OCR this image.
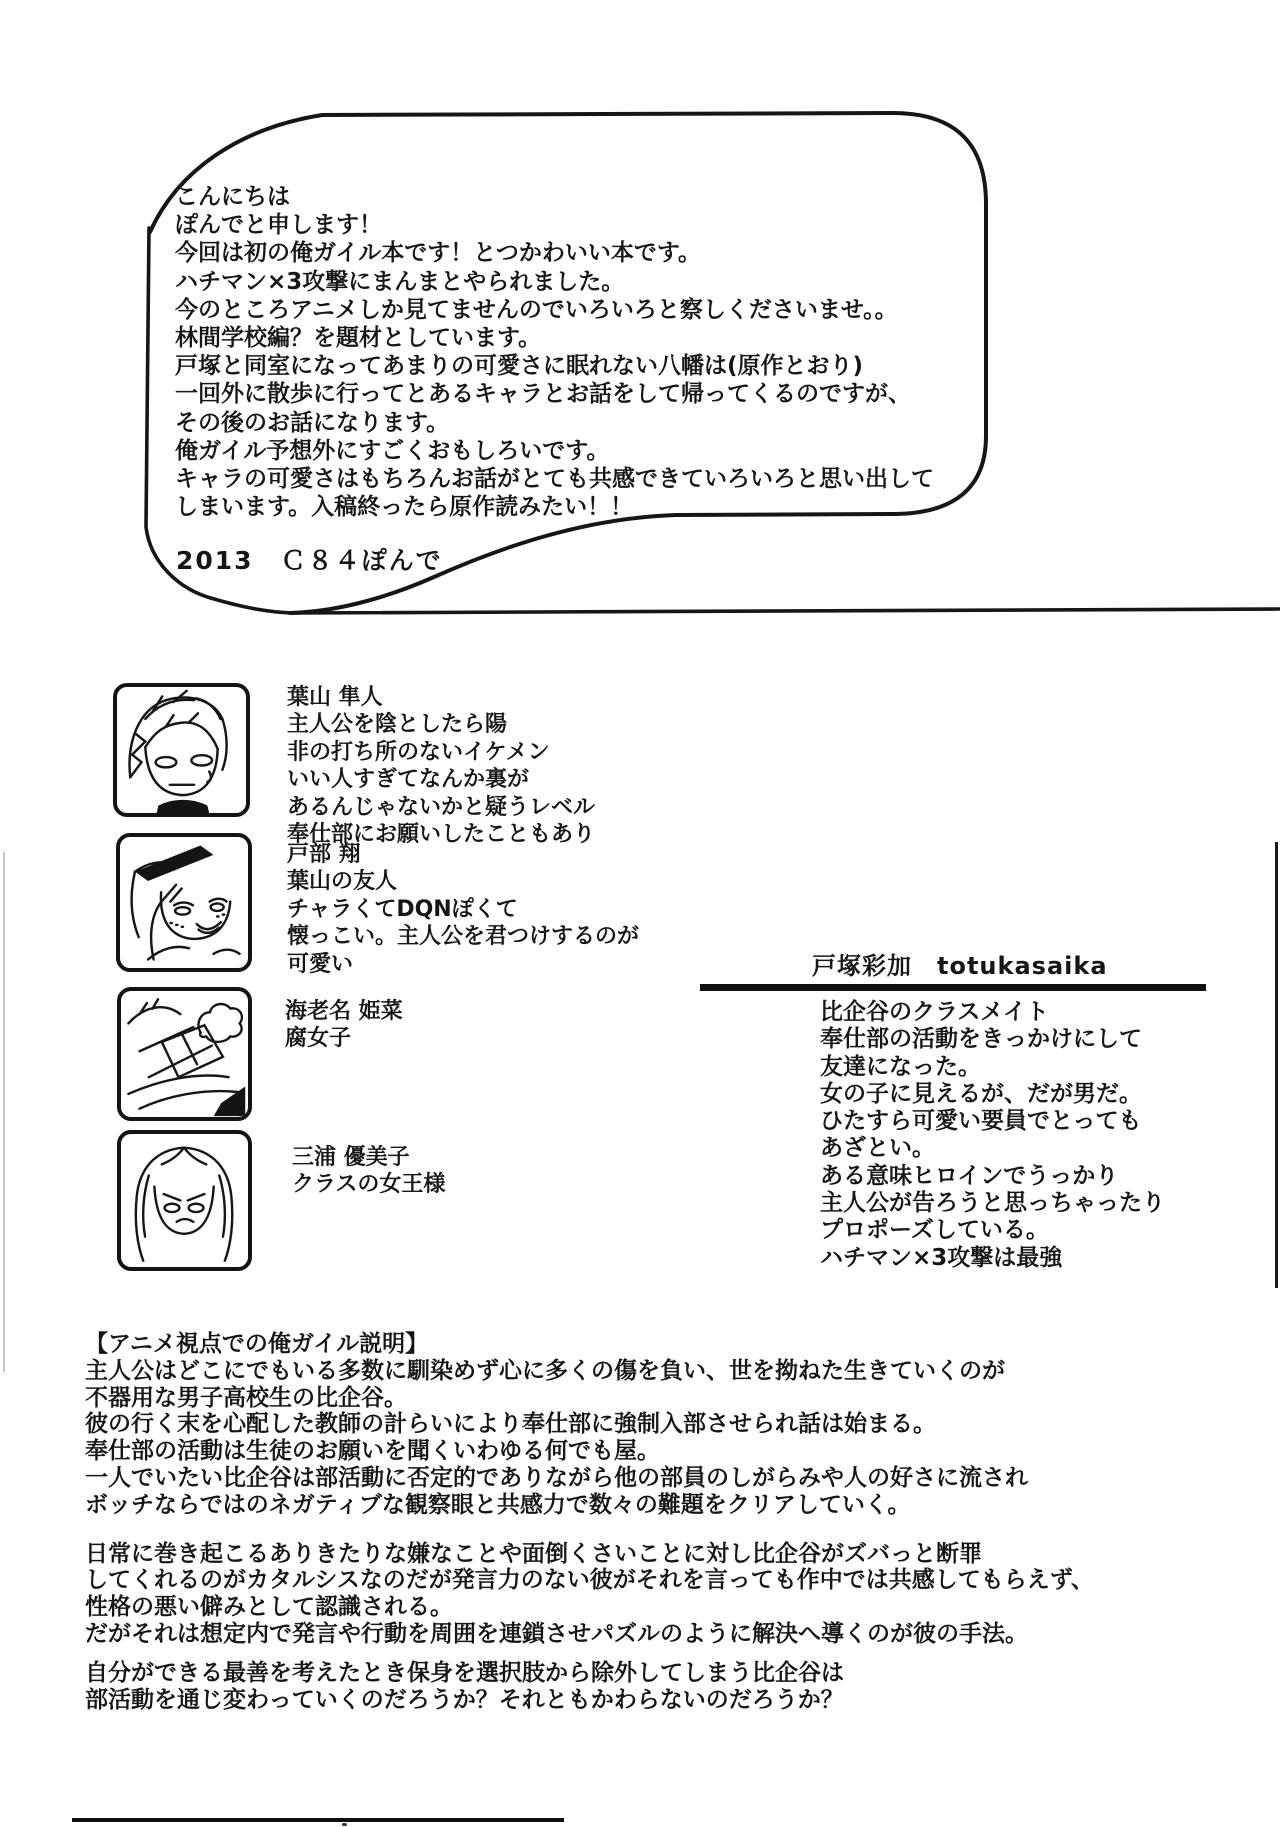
こんにちは
ぽんでと申します！
今回は初の俺ガイル本です！とつかわいい本です。
ハチマン×3攻撃にまんまとやられました。
今のところアニメしか見てませんのでいろいろと察しくださいませ。。
林間学校編？を題材としています。
戸塚と同室になってあまりの可愛さに眠れない八幡は(原作とおり)
一回外に散歩に行ってとあるキャラとお話をして帰ってくるのですが、
その後のお話になります。
俺ガイル予想外にすごくおもしろいです。
キャラの可愛さはもちろんお話がとても共感できていろいろと思い出して
しまいます。入稿終ったら原作読みたい！！
2013　Ｃ８４ぽんで
葉山 隼人
主人公を陰としたら陽
非の打ち所のないイケメン
いい人すぎてなんか裏が
あるんじゃないかと疑うレベル
奉仕部にお願いしたこともあり
戸部 翔
葉山の友人
チャラくてDQNぽくて
懐っこい。主人公を君つけするのが
可愛い
海老名 姫菜
腐女子
三浦 優美子
クラスの女王様
戸塚彩加　totukasaika
比企谷のクラスメイト
奉仕部の活動をきっかけにして
友達になった。
女の子に見えるが、だが男だ。
ひたすら可愛い要員でとっても
あざとい。
ある意味ヒロインでうっかり
主人公が告ろうと思っちゃったり
プロポーズしている。
ハチマン×3攻撃は最強
【アニメ視点での俺ガイル説明】
主人公はどこにでもいる多数に馴染めず心に多くの傷を負い、世を拗ねた生きていくのが
不器用な男子高校生の比企谷。
彼の行く末を心配した教師の計らいにより奉仕部に強制入部させられ話は始まる。
奉仕部の活動は生徒のお願いを聞くいわゆる何でも屋。
一人でいたい比企谷は部活動に否定的でありながら他の部員のしがらみや人の好さに流され
ボッチならではのネガティブな観察眼と共感力で数々の難題をクリアしていく。
日常に巻き起こるありきたりな嫌なことや面倒くさいことに対し比企谷がズバっと断罪
してくれるのがカタルシスなのだが発言力のない彼がそれを言っても作中では共感してもらえず、
性格の悪い僻みとして認識される。
だがそれは想定内で発言や行動を周囲を連鎖させパズルのように解決へ導くのが彼の手法。
自分ができる最善を考えたとき保身を選択肢から除外してしまう比企谷は
部活動を通じ変わっていくのだろうか？それともかわらないのだろうか？
